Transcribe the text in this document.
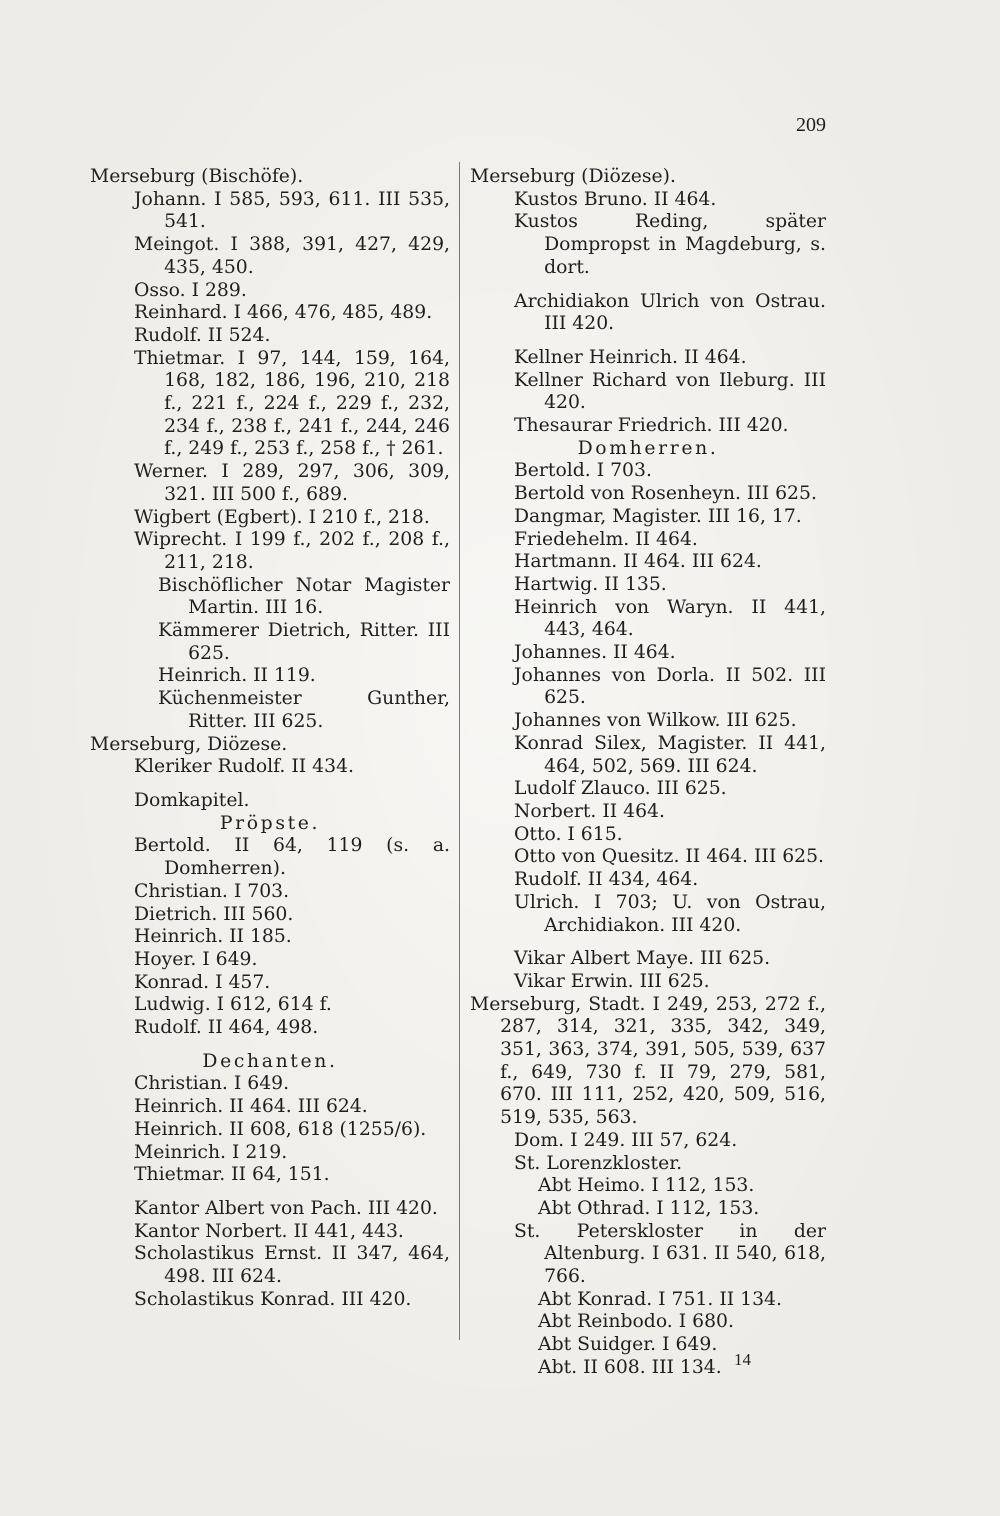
209
Merseburg (Bischöfe).
Johann. I 585, 593, 611. III 535, 541.
Meingot. I 388, 391, 427, 429, 435, 450.
Osso. I 289.
Reinhard. I 466, 476, 485, 489.
Rudolf. II 524.
Thietmar. I 97, 144, 159, 164, 168, 182, 186, 196, 210, 218 f., 221 f., 224 f., 229 f., 232, 234 f., 238 f., 241 f., 244, 246 f., 249 f., 253 f., 258 f., † 261.
Werner. I 289, 297, 306, 309, 321. III 500 f., 689.
Wigbert (Egbert). I 210 f., 218.
Wiprecht. I 199 f., 202 f., 208 f., 211, 218.
Bischöflicher Notar Magister Martin. III 16.
Kämmerer Dietrich, Ritter. III 625.
Heinrich. II 119.
Küchenmeister Gunther, Ritter. III 625.
Merseburg, Diözese.
Kleriker Rudolf. II 434.
Domkapitel.
Pröpste.
Bertold. II 64, 119 (s. a. Domherren).
Christian. I 703.
Dietrich. III 560.
Heinrich. II 185.
Hoyer. I 649.
Konrad. I 457.
Ludwig. I 612, 614 f.
Rudolf. II 464, 498.
Dechanten.
Christian. I 649.
Heinrich. II 464. III 624.
Heinrich. II 608, 618 (1255/6).
Meinrich. I 219.
Thietmar. II 64, 151.
Kantor Albert von Pach. III 420.
Kantor Norbert. II 441, 443.
Scholastikus Ernst. II 347, 464, 498. III 624.
Scholastikus Konrad. III 420.
Merseburg (Diözese).
Kustos Bruno. II 464.
Kustos Reding, später Dompropst in Magdeburg, s. dort.
Archidiakon Ulrich von Ostrau. III 420.
Kellner Heinrich. II 464.
Kellner Richard von Ileburg. III 420.
Thesaurar Friedrich. III 420.
Domherren.
Bertold. I 703.
Bertold von Rosenheyn. III 625.
Dangmar, Magister. III 16, 17.
Friedehelm. II 464.
Hartmann. II 464. III 624.
Hartwig. II 135.
Heinrich von Waryn. II 441, 443, 464.
Johannes. II 464.
Johannes von Dorla. II 502. III 625.
Johannes von Wilkow. III 625.
Konrad Silex, Magister. II 441, 464, 502, 569. III 624.
Ludolf Zlauco. III 625.
Norbert. II 464.
Otto. I 615.
Otto von Quesitz. II 464. III 625.
Rudolf. II 434, 464.
Ulrich. I 703; U. von Ostrau, Archidiakon. III 420.
Vikar Albert Maye. III 625.
Vikar Erwin. III 625.
Merseburg, Stadt. I 249, 253, 272 f., 287, 314, 321, 335, 342, 349, 351, 363, 374, 391, 505, 539, 637 f., 649, 730 f. II 79, 279, 581, 670. III 111, 252, 420, 509, 516, 519, 535, 563.
Dom. I 249. III 57, 624.
St. Lorenzkloster.
Abt Heimo. I 112, 153.
Abt Othrad. I 112, 153.
St. Peterskloster in der Altenburg. I 631. II 540, 618, 766.
Abt Konrad. I 751. II 134.
Abt Reinbodo. I 680.
Abt Suidger. I 649.
Abt. II 608. III 134. 14
